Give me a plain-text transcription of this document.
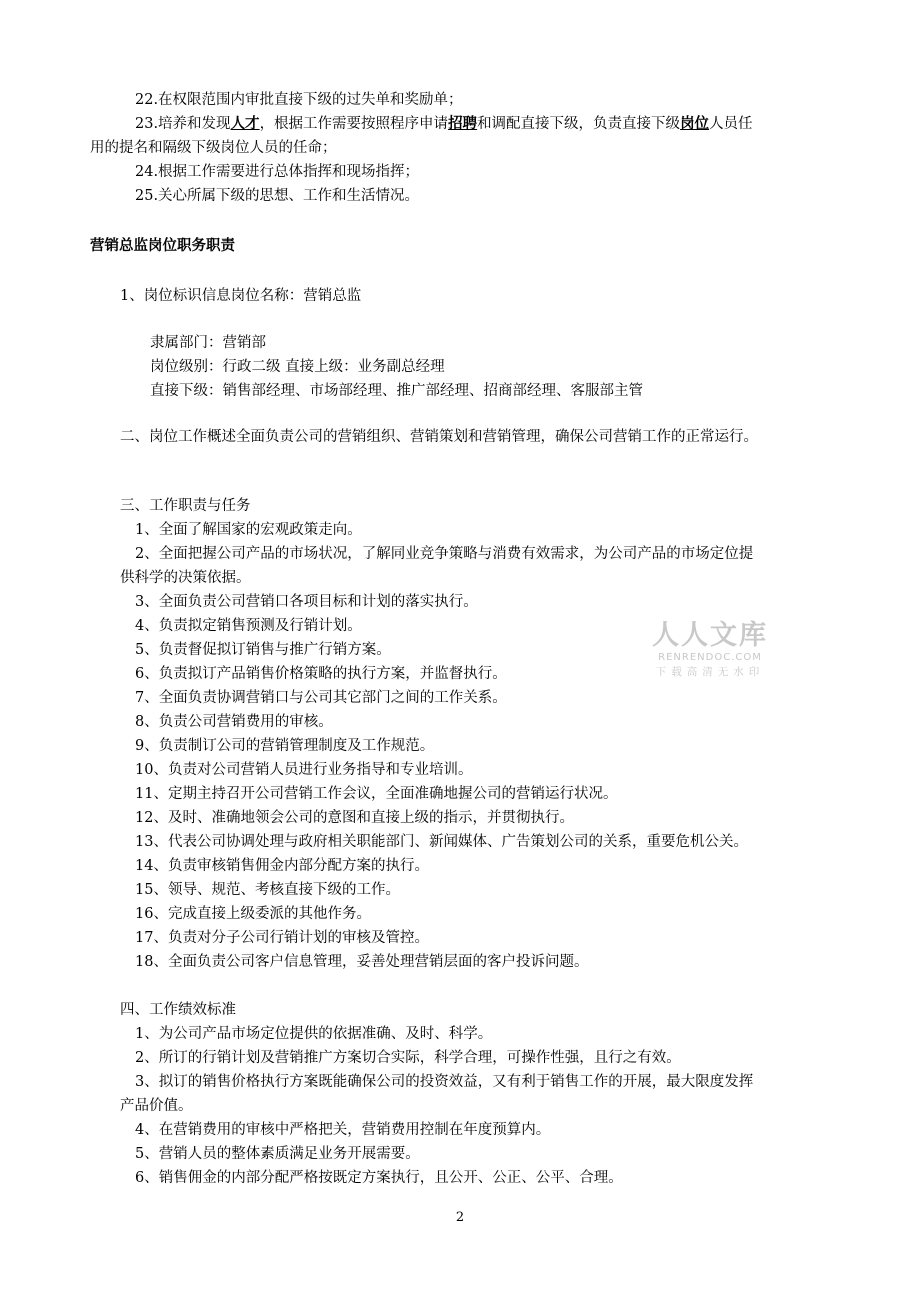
22.在权限范围内审批直接下级的过失单和奖励单；
23.培养和发现人才，根据工作需要按照程序申请招聘和调配直接下级，负责直接下级岗位人员任
用的提名和隔级下级岗位人员的任命；
24.根据工作需要进行总体指挥和现场指挥；
25.关心所属下级的思想、工作和生活情况。
营销总监岗位职务职责
1、岗位标识信息岗位名称：营销总监
隶属部门：营销部
岗位级别：行政二级 直接上级：业务副总经理
直接下级：销售部经理、市场部经理、推广部经理、招商部经理、客服部主管
二、岗位工作概述全面负责公司的营销组织、营销策划和营销管理，确保公司营销工作的正常运行。
三、工作职责与任务
1、全面了解国家的宏观政策走向。
2、全面把握公司产品的市场状况，了解同业竞争策略与消费有效需求，为公司产品的市场定位提
供科学的决策依据。
3、全面负责公司营销口各项目标和计划的落实执行。
4、负责拟定销售预测及行销计划。
5、负责督促拟订销售与推广行销方案。
6、负责拟订产品销售价格策略的执行方案，并监督执行。
7、全面负责协调营销口与公司其它部门之间的工作关系。
8、负责公司营销费用的审核。
9、负责制订公司的营销管理制度及工作规范。
10、负责对公司营销人员进行业务指导和专业培训。
11、定期主持召开公司营销工作会议，全面准确地握公司的营销运行状况。
12、及时、准确地领会公司的意图和直接上级的指示，并贯彻执行。
13、代表公司协调处理与政府相关职能部门、新闻媒体、广告策划公司的关系，重要危机公关。
14、负责审核销售佣金内部分配方案的执行。
15、领导、规范、考核直接下级的工作。
16、完成直接上级委派的其他作务。
17、负责对分子公司行销计划的审核及管控。
18、全面负责公司客户信息管理，妥善处理营销层面的客户投诉问题。
四、工作绩效标准
1、为公司产品市场定位提供的依据准确、及时、科学。
2、所订的行销计划及营销推广方案切合实际，科学合理，可操作性强，且行之有效。
3、拟订的销售价格执行方案既能确保公司的投资效益，又有利于销售工作的开展，最大限度发挥
产品价值。
4、在营销费用的审核中严格把关，营销费用控制在年度预算内。
5、营销人员的整体素质满足业务开展需要。
6、销售佣金的内部分配严格按既定方案执行，且公开、公正、公平、合理。
人人文库
RENRENDOC.COM
下载高清无水印
2
